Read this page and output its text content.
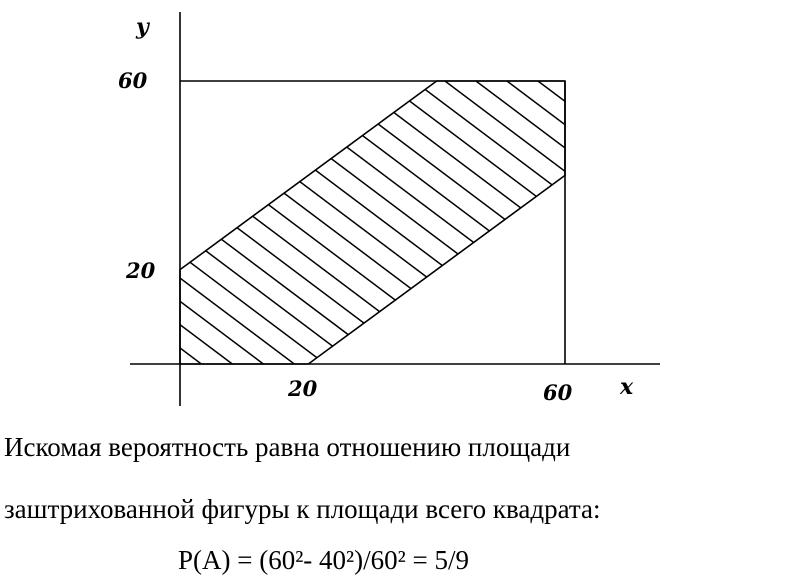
y
x
60
20
20	60
Искомая вероятность равна отношению площади
заштрихованной фигуры к площади всего квадрата:
P(A) = (60²- 40²)/60² = 5/9
